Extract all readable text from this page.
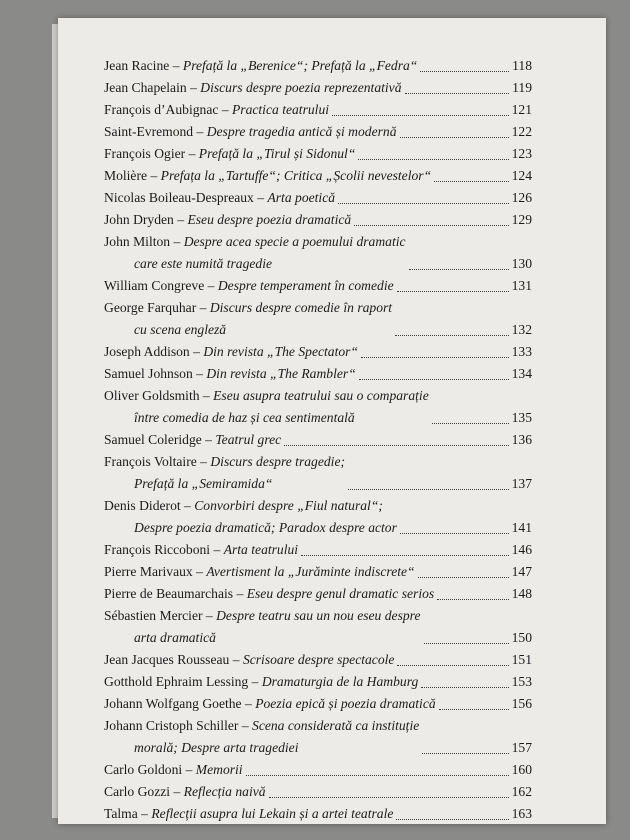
Jean Racine – Prefață la „Berenice“; Prefață la „Fedra“	118
Jean Chapelain – Discurs despre poezia reprezentativă	119
François d’Aubignac – Practica teatrului	121
Saint-Evremond – Despre tragedia antică și modernă	122
François Ogier – Prefață la „Tirul și Sidonul“	123
Molière – Prefața la „Tartuffe“; Critica „Școlii nevestelor“	124
Nicolas Boileau-Despreaux – Arta poetică	126
John Dryden – Eseu despre poezia dramatică	129
John Milton – Despre acea specie a poemului dramatic
care este numită tragedie	130
William Congreve – Despre temperament în comedie	131
George Farquhar – Discurs despre comedie în raport
cu scena engleză	132
Joseph Addison – Din revista „The Spectator“	133
Samuel Johnson – Din revista „The Rambler“	134
Oliver Goldsmith – Eseu asupra teatrului sau o comparație
între comedia de haz și cea sentimentală	135
Samuel Coleridge – Teatrul grec	136
François Voltaire – Discurs despre tragedie;
Prefață la „Semiramida“	137
Denis Diderot – Convorbiri despre „Fiul natural“;
Despre poezia dramatică; Paradox despre actor	141
François Riccoboni – Arta teatrului	146
Pierre Marivaux – Avertisment la „Jurăminte indiscrete“	147
Pierre de Beaumarchais – Eseu despre genul dramatic serios	148
Sébastien Mercier – Despre teatru sau un nou eseu despre
arta dramatică	150
Jean Jacques Rousseau – Scrisoare despre spectacole	151
Gotthold Ephraim Lessing – Dramaturgia de la Hamburg	153
Johann Wolfgang Goethe – Poezia epică și poezia dramatică	156
Johann Cristoph Schiller – Scena considerată ca instituție
morală; Despre arta tragediei	157
Carlo Goldoni – Memorii	160
Carlo Gozzi – Reflecția naivă	162
Talma – Reflecții asupra lui Lekain și a artei teatrale	163
